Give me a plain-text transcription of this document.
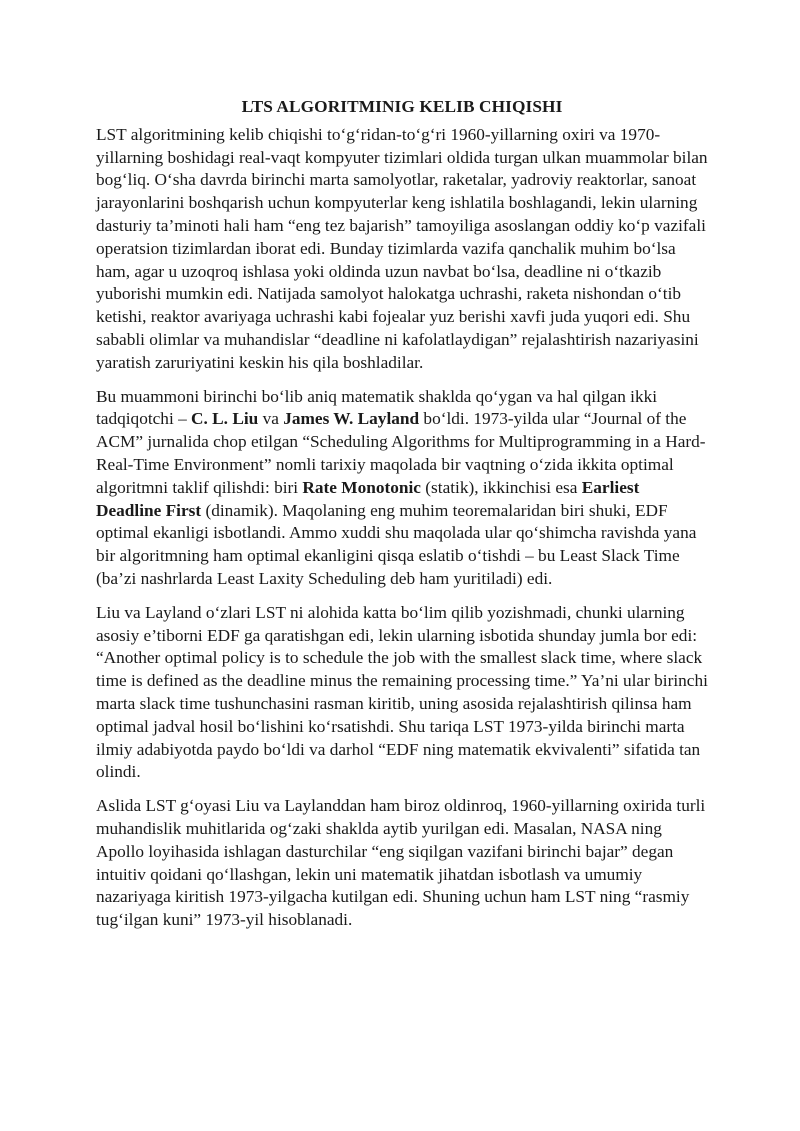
LTS ALGORITMINIG KELIB CHIQISHI

LST algoritmining kelib chiqishi to‘g‘ridan-to‘g‘ri 1960-yillarning oxiri va 1970-yillarning boshidagi real-vaqt kompyuter tizimlari oldida turgan ulkan muammolar bilan bog‘liq. O‘sha davrda birinchi marta samolyotlar, raketalar, yadroviy reaktorlar, sanoat jarayonlarini boshqarish uchun kompyuterlar keng ishlatila boshlagandi, lekin ularning dasturiy ta’minoti hali ham “eng tez bajarish” tamoyiliga asoslangan oddiy ko‘p vazifali operatsion tizimlardan iborat edi. Bunday tizimlarda vazifa qanchalik muhim bo‘lsa ham, agar u uzoqroq ishlasa yoki oldinda uzun navbat bo‘lsa, deadline ni o‘tkazib yuborishi mumkin edi. Natijada samolyot halokatga uchrashi, raketa nishondan o‘tib ketishi, reaktor avariyaga uchrashi kabi fojealar yuz berishi xavfi juda yuqori edi. Shu sababli olimlar va muhandislar “deadline ni kafolatlaydigan” rejalashtirish nazariyasini yaratish zaruriyatini keskin his qila boshladilar.

Bu muammoni birinchi bo‘lib aniq matematik shaklda qo‘ygan va hal qilgan ikki tadqiqotchi – C. L. Liu va James W. Layland bo‘ldi. 1973-yilda ular “Journal of the ACM” jurnalida chop etilgan “Scheduling Algorithms for Multiprogramming in a Hard-Real-Time Environment” nomli tarixiy maqolada bir vaqtning o‘zida ikkita optimal algoritmni taklif qilishdi: biri Rate Monotonic (statik), ikkinchisi esa Earliest Deadline First (dinamik). Maqolaning eng muhim teoremalaridan biri shuki, EDF optimal ekanligi isbotlandi. Ammo xuddi shu maqolada ular qo‘shimcha ravishda yana bir algoritmning ham optimal ekanligini qisqa eslatib o‘tishdi – bu Least Slack Time (ba’zi nashrlarda Least Laxity Scheduling deb ham yuritiladi) edi.

Liu va Layland o‘zlari LST ni alohida katta bo‘lim qilib yozishmadi, chunki ularning asosiy e’tiborni EDF ga qaratishgan edi, lekin ularning isbotida shunday jumla bor edi: “Another optimal policy is to schedule the job with the smallest slack time, where slack time is defined as the deadline minus the remaining processing time.” Ya’ni ular birinchi marta slack time tushunchasini rasman kiritib, uning asosida rejalashtirish qilinsa ham optimal jadval hosil bo‘lishini ko‘rsatishdi. Shu tariqa LST 1973-yilda birinchi marta ilmiy adabiyotda paydo bo‘ldi va darhol “EDF ning matematik ekvivalenti” sifatida tan olindi.

Aslida LST g‘oyasi Liu va Laylanddan ham biroz oldinroq, 1960-yillarning oxirida turli muhandislik muhitlarida og‘zaki shaklda aytib yurilgan edi. Masalan, NASA ning Apollo loyihasida ishlagan dasturchilar “eng siqilgan vazifani birinchi bajar” degan intuitiv qoidani qo‘llashgan, lekin uni matematik jihatdan isbotlash va umumiy nazariyaga kiritish 1973-yilgacha kutilgan edi. Shuning uchun ham LST ning “rasmiy tug‘ilgan kuni” 1973-yil hisoblanadi.
